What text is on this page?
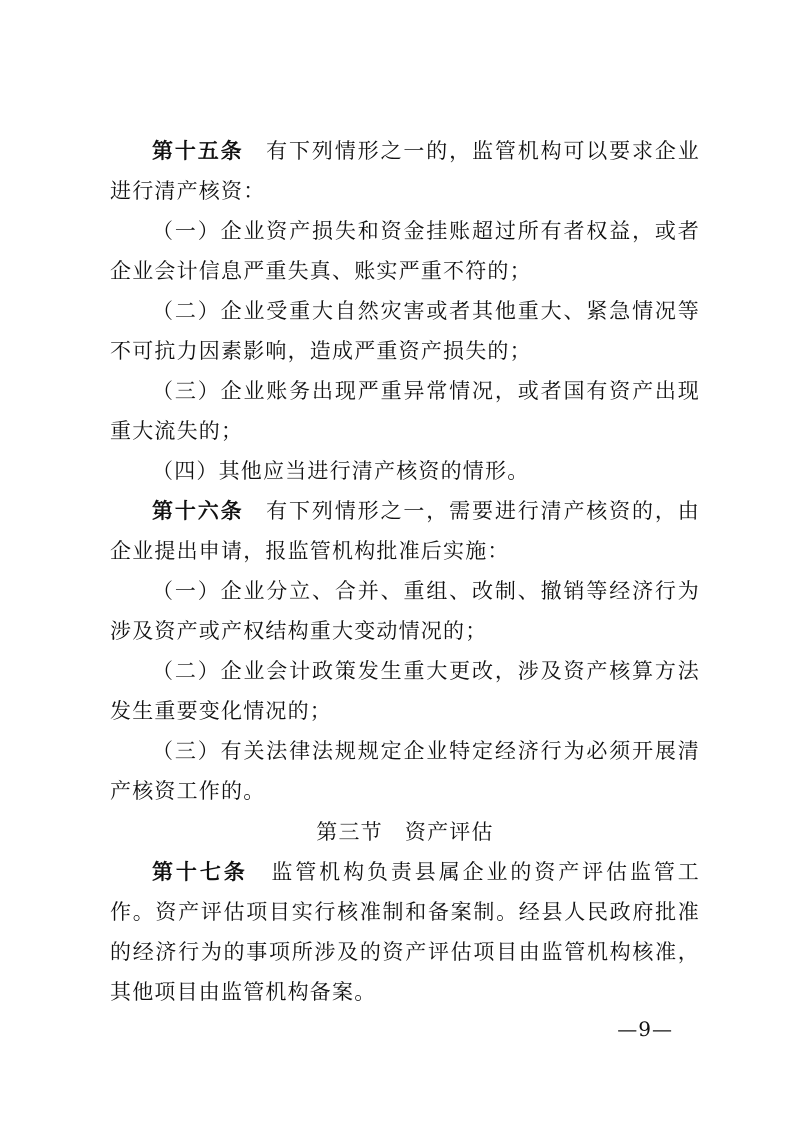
第十五条 有下列情形之一的，监管机构可以要求企业进行清产核资：

（一）企业资产损失和资金挂账超过所有者权益，或者企业会计信息严重失真、账实严重不符的；

（二）企业受重大自然灾害或者其他重大、紧急情况等不可抗力因素影响，造成严重资产损失的；

（三）企业账务出现严重异常情况，或者国有资产出现重大流失的；

（四）其他应当进行清产核资的情形。

第十六条 有下列情形之一，需要进行清产核资的，由企业提出申请，报监管机构批准后实施：

（一）企业分立、合并、重组、改制、撤销等经济行为涉及资产或产权结构重大变动情况的；

（二）企业会计政策发生重大更改，涉及资产核算方法发生重要变化情况的；

（三）有关法律法规规定企业特定经济行为必须开展清产核资工作的。

第三节 资产评估

第十七条 监管机构负责县属企业的资产评估监管工作。资产评估项目实行核准制和备案制。经县人民政府批准的经济行为的事项所涉及的资产评估项目由监管机构核准，其他项目由监管机构备案。

—9—
